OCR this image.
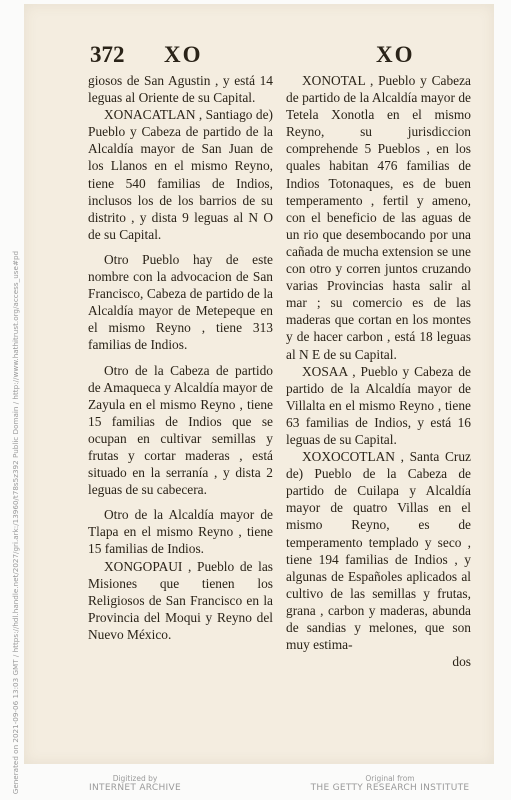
372 XO	XO

giosos de San Agustin , y está 14 leguas al Oriente de su Capital.

XONACATLAN , Santiago de) Pueblo y Cabeza de partido de la Alcaldía mayor de San Juan de los Llanos en el mismo Reyno, tiene 540 familias de Indios, inclusos los de los barrios de su distrito , y dista 9 leguas al N O de su Capital.

Otro Pueblo hay de este nombre con la advocacion de San Francisco, Cabeza de partido de la Alcaldía mayor de Metepeque en el mismo Reyno , tiene 313 familias de Indios.

Otro de la Cabeza de partido de Amaqueca y Alcaldía mayor de Zayula en el mismo Reyno , tiene 15 familias de Indios que se ocupan en cultivar semillas y frutas y cortar maderas , está situado en la serranía , y dista 2 leguas de su cabecera.

Otro de la Alcaldía mayor de Tlapa en el mismo Reyno , tiene 15 familias de Indios.

XONGOPAUI , Pueblo de las Misiones que tienen los Religiosos de San Francisco en la Provincia del Moqui y Reyno del Nuevo México.

XONOTAL , Pueblo y Cabeza de partido de la Alcaldía mayor de Tetela Xonotla en el mismo Reyno, su jurisdiccion comprehende 5 Pueblos , en los quales habitan 476 familias de Indios Totonaques, es de buen temperamento , fertil y ameno, con el beneficio de las aguas de un rio que desembocando por una cañada de mucha extension se une con otro y corren juntos cruzando varias Provincias hasta salir al mar ; su comercio es de las maderas que cortan en los montes y de hacer carbon , está 18 leguas al N E de su Capital.

XOSAA , Pueblo y Cabeza de partido de la Alcaldía mayor de Villalta en el mismo Reyno , tiene 63 familias de Indios, y está 16 leguas de su Capital.

XOXOCOTLAN , Santa Cruz de) Pueblo de la Cabeza de partido de Cuilapa y Alcaldía mayor de quatro Villas en el mismo Reyno, es de temperamento templado y seco , tiene 194 familias de Indios , y algunas de Españoles aplicados al cultivo de las semillas y frutas, grana , carbon y maderas, abunda de sandias y melones, que son muy estima-

dos

Generated on 2021-09-06 13:03 GMT / https://hdl.handle.net/2027/gri.ark:/13960/t78s5z392 Public Domain / http://www.hathitrust.org/access_use#pd	Digitized by
INTERNET ARCHIVE
Original from
THE GETTY RESEARCH INSTITUTE
